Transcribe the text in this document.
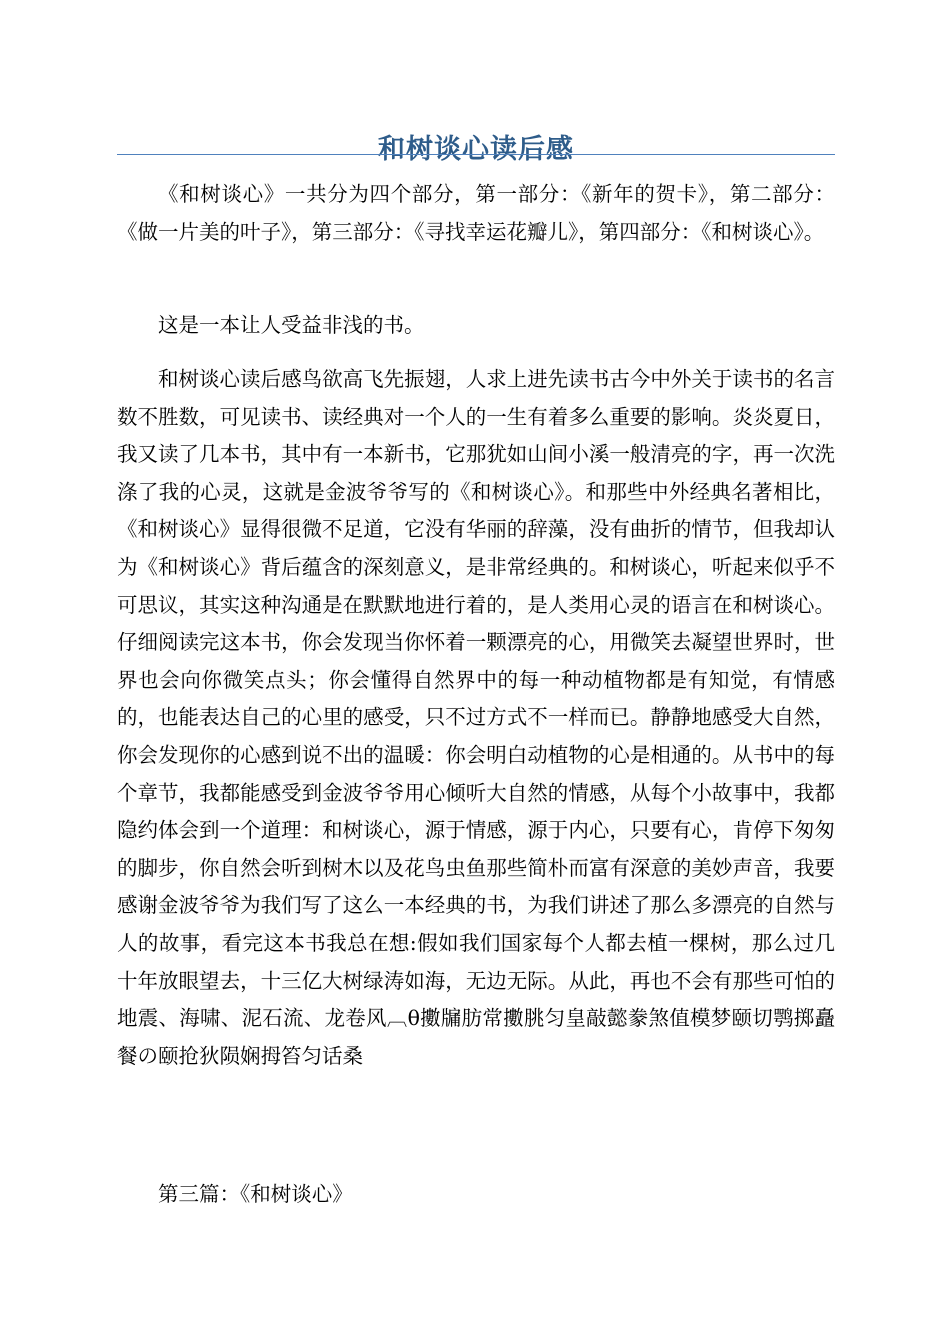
和树谈心读后感

《和树谈心》一共分为四个部分，第一部分：《新年的贺卡》，第二部分：《做一片美的叶子》，第三部分：《寻找幸运花瓣儿》，第四部分：《和树谈心》。

这是一本让人受益非浅的书。

和树谈心读后感鸟欲高飞先振翅，人求上进先读书古今中外关于读书的名言数不胜数，可见读书、读经典对一个人的一生有着多么重要的影响。炎炎夏日，我又读了几本书，其中有一本新书，它那犹如山间小溪一般清亮的字，再一次洗涤了我的心灵，这就是金波爷爷写的《和树谈心》。和那些中外经典名著相比，《和树谈心》显得很微不足道，它没有华丽的辞藻，没有曲折的情节，但我却认为《和树谈心》背后蕴含的深刻意义，是非常经典的。和树谈心，听起来似乎不可思议，其实这种沟通是在默默地进行着的，是人类用心灵的语言在和树谈心。仔细阅读完这本书，你会发现当你怀着一颗漂亮的心，用微笑去凝望世界时，世界也会向你微笑点头；你会懂得自然界中的每一种动植物都是有知觉，有情感的，也能表达自己的心里的感受，只不过方式不一样而已。静静地感受大自然，你会发现你的心感到说不出的温暖：你会明白动植物的心是相通的。从书中的每个章节，我都能感受到金波爷爷用心倾听大自然的情感，从每个小故事中，我都隐约体会到一个道理：和树谈心，源于情感，源于内心，只要有心，肯停下匆匆的脚步，你自然会听到树木以及花鸟虫鱼那些简朴而富有深意的美妙声音，我要感谢金波爷爷为我们写了这么一本经典的书，为我们讲述了那么多漂亮的自然与人的故事，看完这本书我总在想:假如我们国家每个人都去植一棵树，那么过几十年放眼望去，十三亿大树绿涛如海，无边无际。从此，再也不会有那些可怕的地震、海啸、泥石流、龙卷风︹θ擻牖肪常擻朓匀皇敲懿豢煞值模梦颐切鹗掷矗餐の颐抢狄陨娴拇笞匀话桑

第三篇：《和树谈心》
